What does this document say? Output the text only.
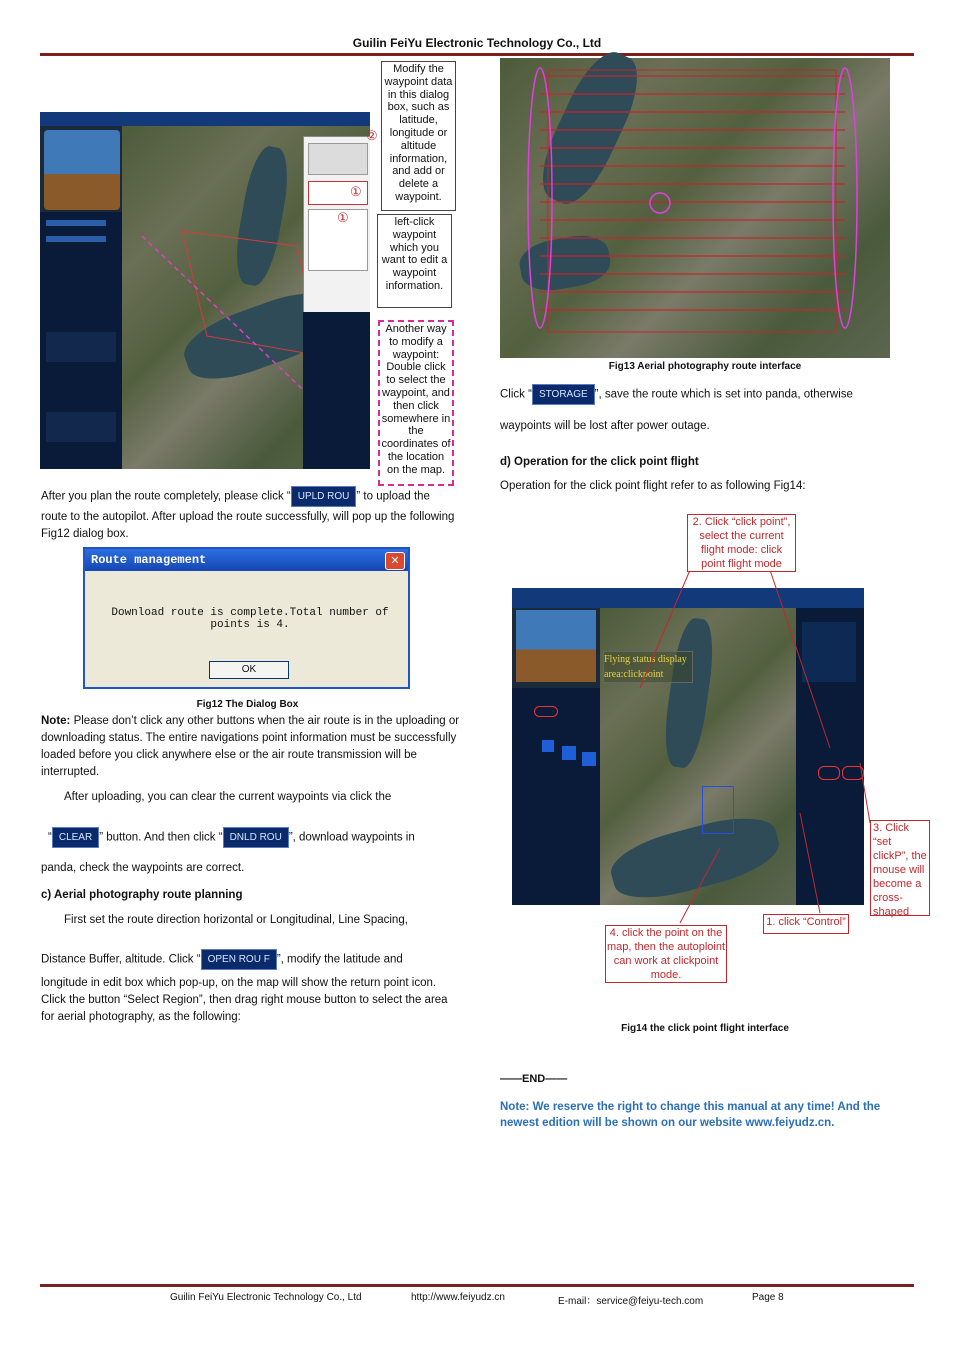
Guilin FeiYu Electronic Technology Co., Ltd
②
①
①
Modify the waypoint data in this dialog box, such as latitude, longitude or altitude information, and add or delete a waypoint.
left-click waypoint which you want to edit a waypoint information.
Another way to modify a waypoint: Double click to select the waypoint, and then click somewhere in the coordinates of the location on the map.
After you plan the route completely, please click “ UPLD ROU ” to upload the
route to the autopilot. After upload the route successfully, will pop up the following Fig12 dialog box.
Route management	✕
Download route is complete.Total number of points is 4.
OK
Fig12 The Dialog Box
Note: Please don’t click any other buttons when the air route is in the uploading or downloading status. The entire navigations point information must be successfully loaded before you click anywhere else or the air route transmission will be interrupted.
After uploading, you can clear the current waypoints via click the
“ CLEAR ” button. And then click “ DNLD ROU ”, download waypoints in
panda, check the waypoints are correct.
c) Aerial photography route planning
First set the route direction horizontal or Longitudinal, Line Spacing,
Distance Buffer, altitude. Click “ OPEN ROU F ”, modify the latitude and
longitude in edit box which pop-up, on the map will show the return point icon. Click the button “Select Region”, then drag right mouse button to select the area for aerial photography, as the following:
Fig13 Aerial photography route interface
Click “ STORAGE ”, save the route which is set into panda, otherwise
waypoints will be lost after power outage.
d) Operation for the click point flight
Operation for the click point flight refer to as following Fig14:
Flying status display area:clickpoint
2. Click “click point”, select the current flight mode: click point flight mode
3. Click “set clickP”, the mouse will become a cross-shaped
1. click “Control”
4. click the point on the map, then the autoploint can work at clickpoint mode.
Fig14 the click point flight interface
——END——
Note: We reserve the right to change this manual at any time! And the newest edition will be shown on our website www.feiyudz.cn.
Guilin FeiYu Electronic Technology Co., Ltd	http://www.feiyudz.cn	E-mail：service@feiyu-tech.com	Page 8
